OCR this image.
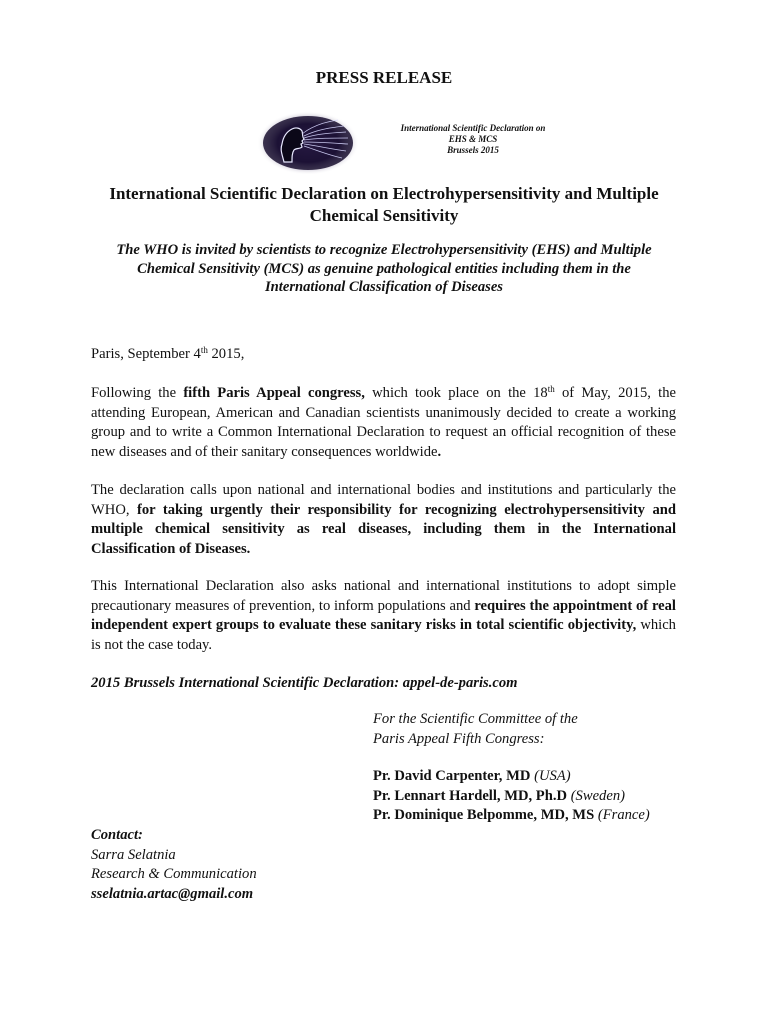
PRESS RELEASE
International Scientific Declaration on
EHS & MCS
Brussels 2015
International Scientific Declaration on Electrohypersensitivity and Multiple
Chemical Sensitivity
The WHO is invited by scientists to recognize Electrohypersensitivity (EHS) and Multiple
Chemical Sensitivity (MCS) as genuine pathological entities including them in the
International Classification of Diseases
Paris, September 4th 2015,
Following the fifth Paris Appeal congress, which took place on the 18th of May, 2015, the attending European, American and Canadian scientists unanimously decided to create a working group and to write a Common International Declaration to request an official recognition of these new diseases and of their sanitary consequences worldwide.
The declaration calls upon national and international bodies and institutions and particularly the WHO, for taking urgently their responsibility for recognizing electrohypersensitivity and multiple chemical sensitivity as real diseases, including them in the International Classification of Diseases.
This International Declaration also asks national and international institutions to adopt simple precautionary measures of prevention, to inform populations and requires the appointment of real independent expert groups to evaluate these sanitary risks in total scientific objectivity, which is not the case today.
2015 Brussels International Scientific Declaration: appel-de-paris.com
For the Scientific Committee of the
Paris Appeal Fifth Congress:
Pr. David Carpenter, MD (USA)
Pr. Lennart Hardell, MD, Ph.D (Sweden)
Pr. Dominique Belpomme, MD, MS (France)
Contact:
Sarra Selatnia
Research & Communication
sselatnia.artac@gmail.com
